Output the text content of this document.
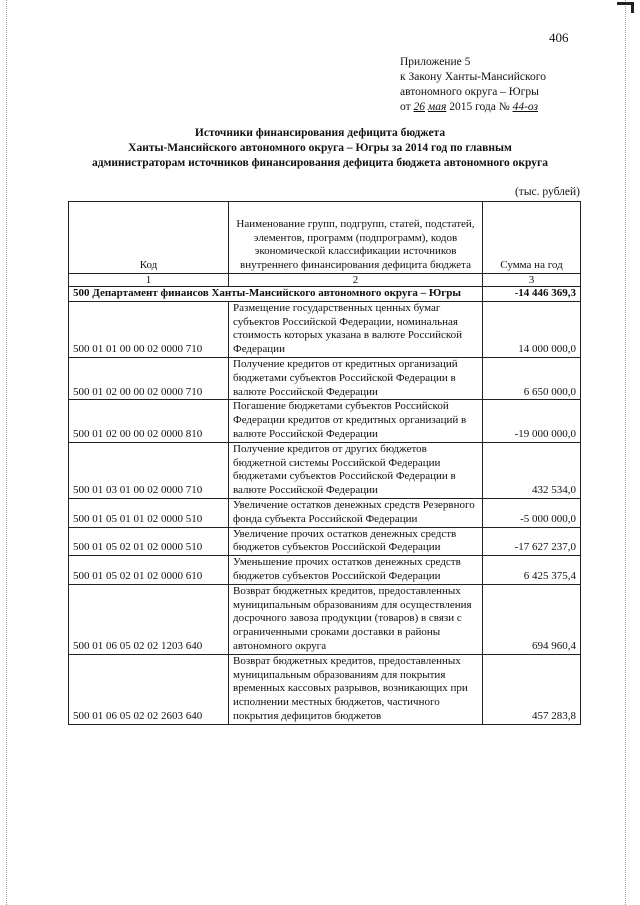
406
Приложение 5
к Закону Ханты-Мансийского
автономного округа – Югры
от 26 мая 2015 года № 44-оз
Источники финансирования дефицита бюджета
Ханты-Мансийского автономного округа – Югры за 2014 год по главным
администраторам источников финансирования дефицита бюджета автономного округа
(тыс. рублей)
Код	Наименование групп, подгрупп, статей, подстатей, элементов, программ (подпрограмм), кодов экономической классификации источников внутреннего финансирования дефицита бюджета	Сумма на год
1	2	3
500 Департамент финансов Ханты-Мансийского автономного округа – Югры		-14 446 369,3
500 01 01 00 00 02 0000 710	Размещение государственных ценных бумаг субъектов Российской Федерации, номинальная стоимость которых указана в валюте Российской Федерации	14 000 000,0
500 01 02 00 00 02 0000 710	Получение кредитов от кредитных организаций бюджетами субъектов Российской Федерации в валюте Российской Федерации	6 650 000,0
500 01 02 00 00 02 0000 810	Погашение бюджетами субъектов Российской Федерации кредитов от кредитных организаций в валюте Российской Федерации	-19 000 000,0
500 01 03 01 00 02 0000 710	Получение кредитов от других бюджетов бюджетной системы Российской Федерации бюджетами субъектов Российской Федерации в валюте Российской Федерации	432 534,0
500 01 05 01 01 02 0000 510	Увеличение остатков денежных средств Резервного фонда субъекта Российской Федерации	-5 000 000,0
500 01 05 02 01 02 0000 510	Увеличение прочих остатков денежных средств бюджетов субъектов Российской Федерации	-17 627 237,0
500 01 05 02 01 02 0000 610	Уменьшение прочих остатков денежных средств бюджетов субъектов Российской Федерации	6 425 375,4
500 01 06 05 02 02 1203 640	Возврат бюджетных кредитов, предоставленных муниципальным образованиям для осуществления досрочного завоза продукции (товаров) в связи с ограниченными сроками доставки в районы автономного округа	694 960,4
500 01 06 05 02 02 2603 640	Возврат бюджетных кредитов, предоставленных муниципальным образованиям для покрытия временных кассовых разрывов, возникающих при исполнении местных бюджетов, частичного покрытия дефицитов бюджетов	457 283,8
